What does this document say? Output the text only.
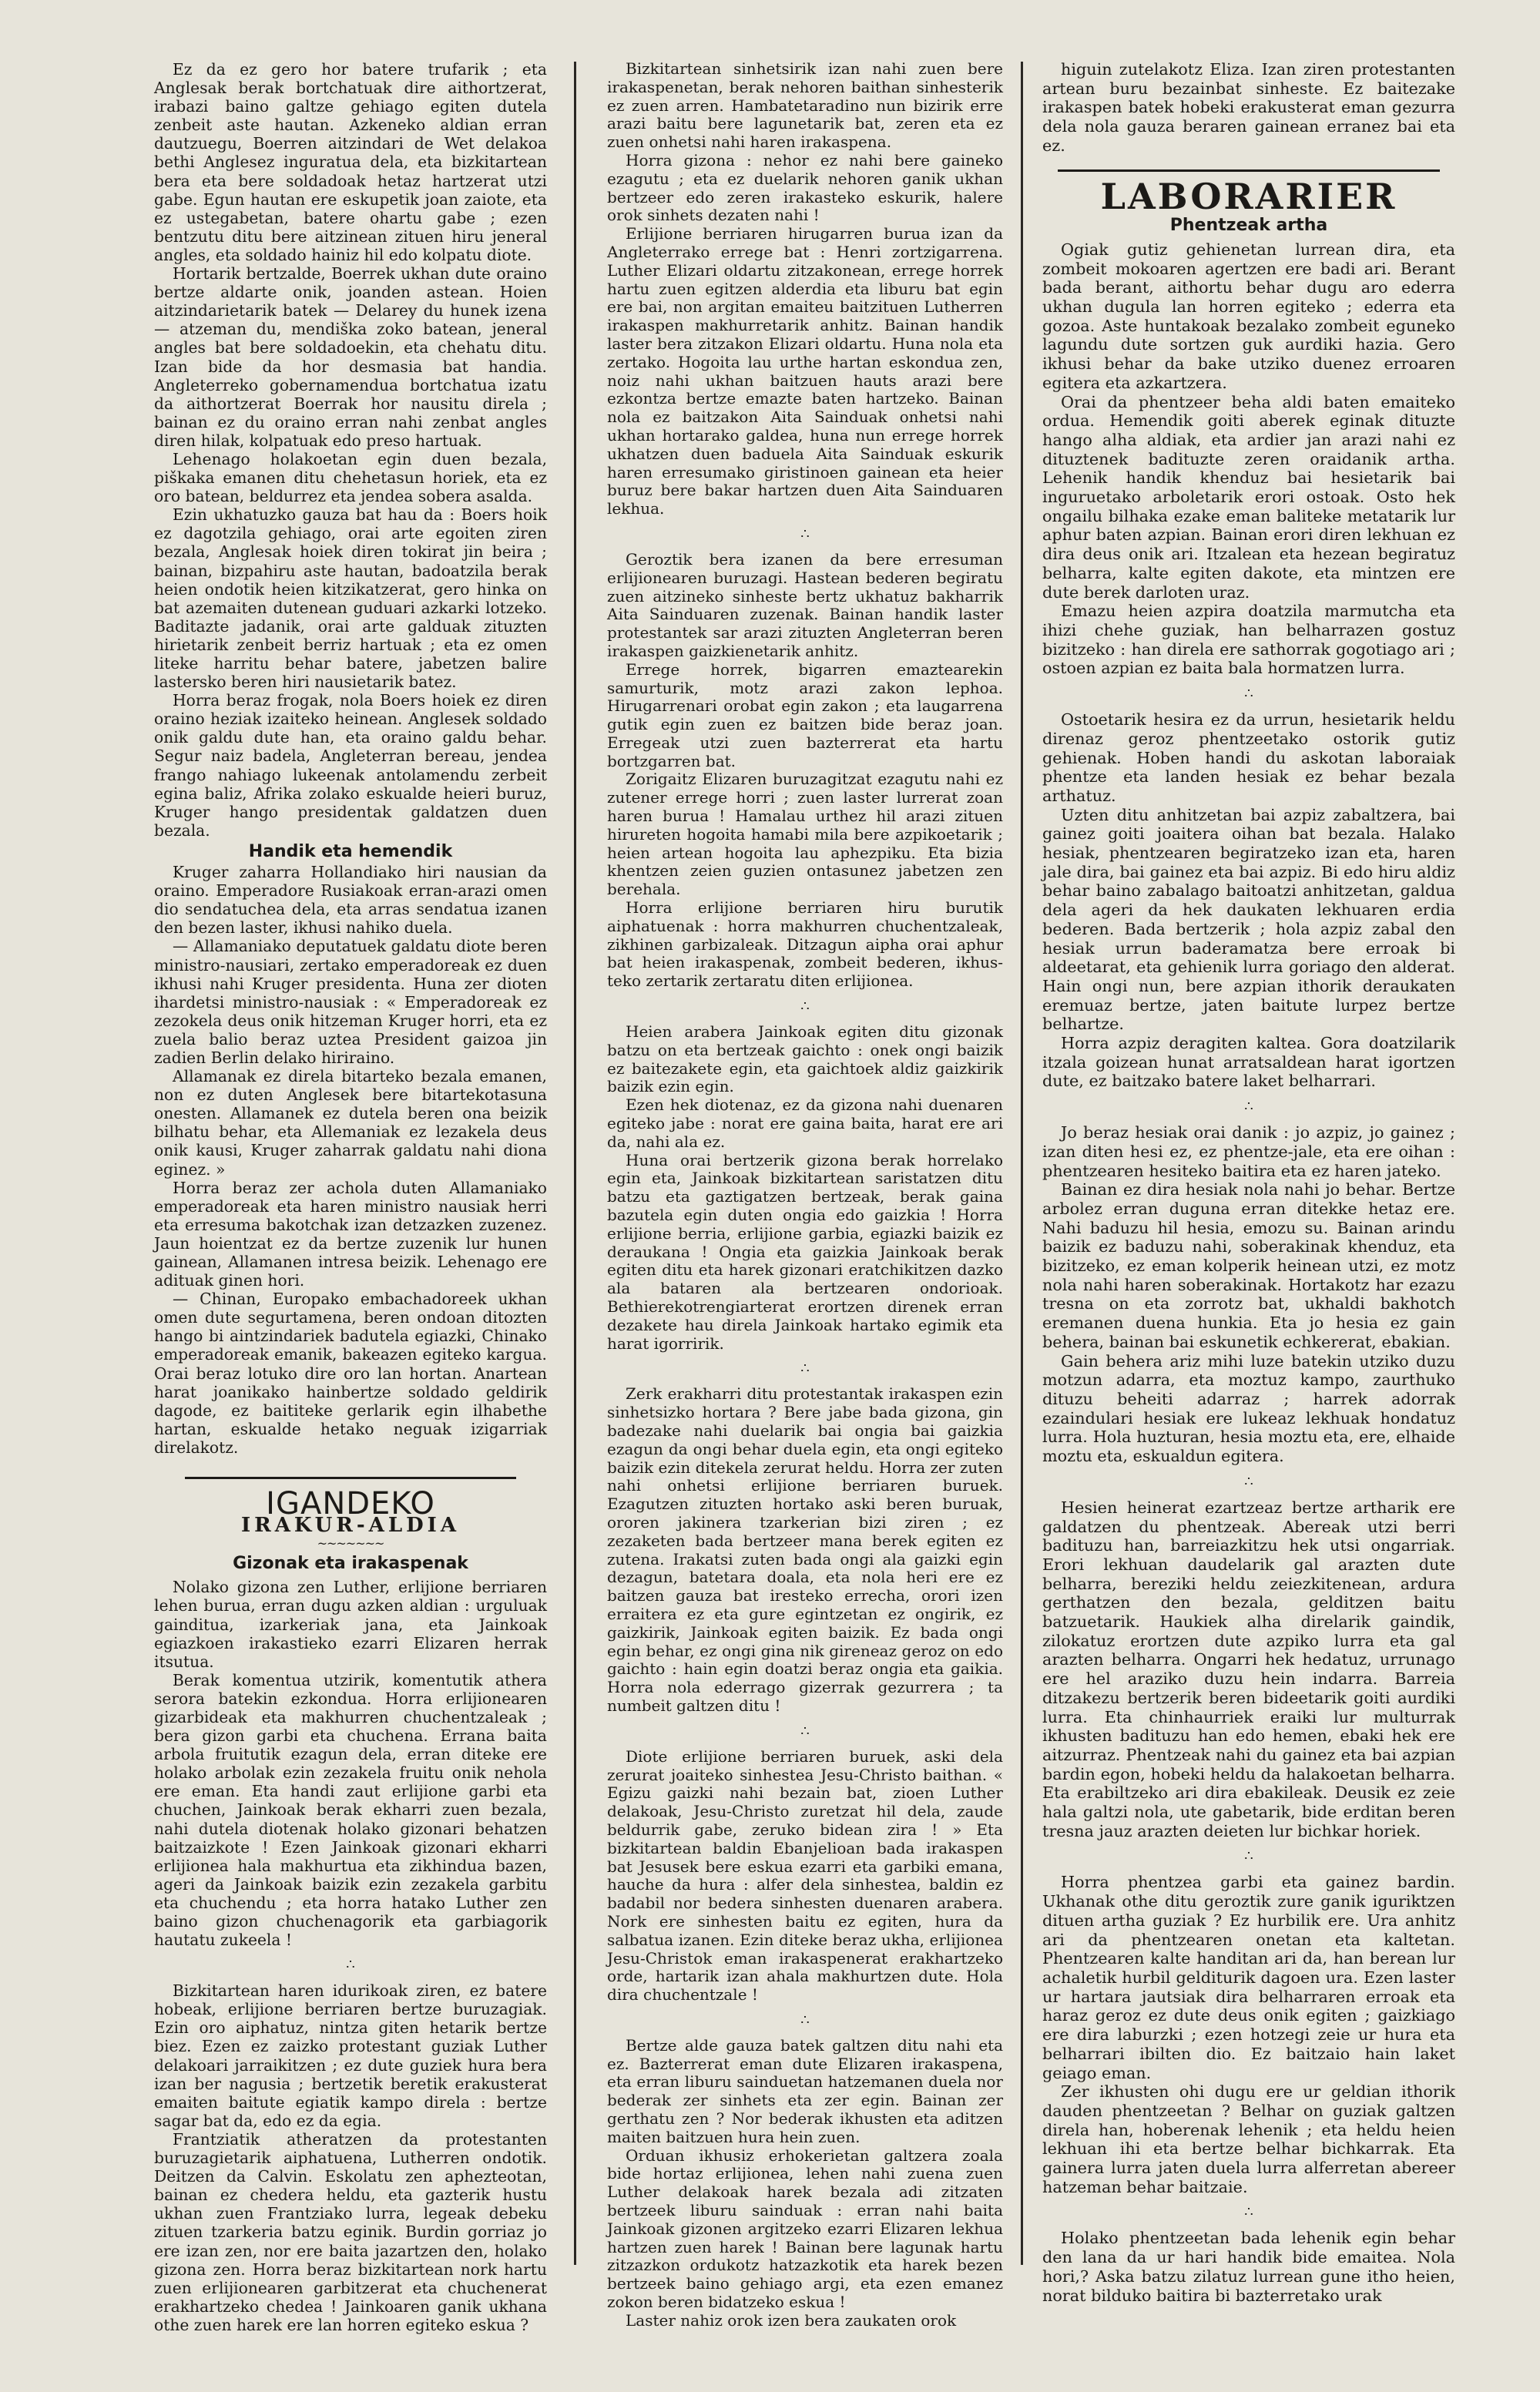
Ez da ez gero hor batere trufarik ; eta Anglesak berak bortchatuak dire aithortzerat, irabazi baino galtze gehiago egiten dutela zenbeit aste hautan. Azkeneko aldian erran dautzuegu, Boerren aitzindari de Wet delakoa bethi Anglesez inguratua dela, eta bizkitartean bera eta bere soldadoak hetaz hartzerat utzi gabe. Egun hautan ere eskupetik joan zaiote, eta ez ustegabetan, batere ohartu gabe ; ezen bentzutu ditu bere aitzinean zituen hiru jeneral angles, eta soldado hainiz hil edo kolpatu diote.

Hortarik bertzalde, Boerrek ukhan dute oraino bertze aldarte onik, joanden astean. Hoien aitzindarietarik batek — Delarey du hunek izena — atzeman du, mendiška zoko batean, jeneral angles bat bere soldadoekin, eta chehatu ditu. Izan bide da hor desmasia bat handia. Angleterreko gobernamendua bortchatua izatu da aithortzerat Boerrak hor nausitu direla ; bainan ez du oraino erran nahi zenbat angles diren hilak, kolpatuak edo preso hartuak.

Lehenago holakoetan egin duen bezala, piškaka emanen ditu chehetasun horiek, eta ez oro batean, beldurrez eta jendea sobera asalda.

Ezin ukhatuzko gauza bat hau da : Boers hoik ez dagotzila gehiago, orai arte egoiten ziren bezala, Anglesak hoiek diren tokirat jin beira ; bainan, bizpahiru aste hautan, badoatzila berak heien ondotik heien kitzikatzerat, gero hinka on bat azemaiten dutenean guduari azkarki lotzeko. Baditazte jadanik, orai arte galduak zituzten hirietarik zenbeit berriz hartuak ; eta ez omen liteke harritu behar batere, jabetzen balire lastersko beren hiri nausietarik batez.

Horra beraz frogak, nola Boers hoiek ez diren oraino heziak izaiteko heinean. Anglesek soldado onik galdu dute han, eta oraino galdu behar. Segur naiz badela, Angleterran bereau, jendea frango nahiago lukeenak antolamendu zerbeit egina baliz, Afrika zolako eskualde heieri buruz, Kruger hango presidentak galdatzen duen bezala.

Handik eta hemendik

Kruger zaharra Hollandiako hiri nausian da oraino. Emperadore Rusiakoak erran-arazi omen dio sendatuchea dela, eta arras sendatua izanen den bezen laster, ikhusi nahiko duela.

— Allamaniako deputatuek galdatu diote beren ministro-nausiari, zertako emperadoreak ez duen ikhusi nahi Kruger presidenta. Huna zer dioten ihardetsi ministro-nausiak : « Emperadoreak ez zezokela deus onik hitzeman Kruger horri, eta ez zuela balio beraz uztea President gaizoa jin zadien Berlin delako hiriraino.

Allamanak ez direla bitarteko bezala emanen, non ez duten Anglesek bere bitartekotasuna onesten. Allamanek ez dutela beren ona beizik bilhatu behar, eta Allemaniak ez lezakela deus onik kausi, Kruger zaharrak galdatu nahi diona eginez. »

Horra beraz zer achola duten Allamaniako emperadoreak eta haren ministro nausiak herri eta erresuma bakotchak izan detzazken zuzenez. Jaun hoientzat ez da bertze zuzenik lur hunen gainean, Allamanen intresa beizik. Lehenago ere adituak ginen hori.

— Chinan, Europako embachadoreek ukhan omen dute segurtamena, beren ondoan ditozten hango bi aintzindariek badutela egiazki, Chinako emperadoreak emanik, bakeazen egiteko kargua. Orai beraz lotuko dire oro lan hortan. Anartean harat joanikako hainbertze soldado geldirik dagode, ez baititeke gerlarik egin ilhabethe hartan, eskualde hetako neguak izigarriak direlakotz.

IGANDEKO
IRAKUR-ALDIA
~~~~~~~
Gizonak eta irakaspenak

Nolako gizona zen Luther, erlijione berriaren lehen burua, erran dugu azken aldian : urguluak gainditua, izarkeriak jana, eta Jainkoak egiazkoen irakastieko ezarri Elizaren herrak itsutua.

Berak komentua utzirik, komentutik athera serora batekin ezkondua. Horra erlijionearen gizarbideak eta makhurren chuchentzaleak ; bera gizon garbi eta chuchena. Errana baita arbola fruitutik ezagun dela, erran diteke ere holako arbolak ezin zezakela fruitu onik nehola ere eman. Eta handi zaut erlijione garbi eta chuchen, Jainkoak berak ekharri zuen bezala, nahi dutela diotenak holako gizonari behatzen baitzaizkote ! Ezen Jainkoak gizonari ekharri erlijionea hala makhurtua eta zikhindua bazen, ageri da Jainkoak baizik ezin zezakela garbitu eta chuchendu ; eta horra hatako Luther zen baino gizon chuchenagorik eta garbiagorik hautatu zukeela !

∴

Bizkitartean haren idurikoak ziren, ez batere hobeak, erlijione berriaren bertze buruzagiak. Ezin oro aiphatuz, nintza giten hetarik bertze biez. Ezen ez zaizko protestant guziak Luther delakoari jarraikitzen ; ez dute guziek hura bera izan ber nagusia ; bertzetik beretik erakusterat emaiten baitute egiatik kampo direla : bertze sagar bat da, edo ez da egia.

Frantziatik atheratzen da protestanten buruzagietarik aiphatuena, Lutherren ondotik. Deitzen da Calvin. Eskolatu zen aphezteotan, bainan ez chedera heldu, eta gazterik hustu ukhan zuen Frantziako lurra, legeak debeku zituen tzarkeria batzu eginik. Burdin gorriaz jo ere izan zen, nor ere baita jazartzen den, holako gizona zen. Horra beraz bizkitartean nork hartu zuen erlijionearen garbitzerat eta chuchenerat erakhartzeko chedea ! Jainkoaren ganik ukhana othe zuen harek ere lan horren egiteko eskua ?

Bizkitartean sinhetsirik izan nahi zuen bere irakaspenetan, berak nehoren baithan sinhesterik ez zuen arren. Hambatetaradino nun bizirik erre arazi baitu bere lagunetarik bat, zeren eta ez zuen onhetsi nahi haren irakaspena.

Horra gizona : nehor ez nahi bere gaineko ezagutu ; eta ez duelarik nehoren ganik ukhan bertzeer edo zeren irakasteko eskurik, halere orok sinhets dezaten nahi !

Erlijione berriaren hirugarren burua izan da Angleterrako errege bat : Henri zortzigarrena. Luther Elizari oldartu zitzakonean, errege horrek hartu zuen egitzen alderdia eta liburu bat egin ere bai, non argitan emaiteu baitzituen Lutherren irakaspen makhurretarik anhitz. Bainan handik laster bera zitzakon Elizari oldartu. Huna nola eta zertako. Hogoita lau urthe hartan eskondua zen, noiz nahi ukhan baitzuen hauts arazi bere ezkontza bertze emazte baten hartzeko. Bainan nola ez baitzakon Aita Sainduak onhetsi nahi ukhan hortarako galdea, huna nun errege horrek ukhatzen duen baduela Aita Sainduak eskurik haren erresumako giristinoen gainean eta heier buruz bere bakar hartzen duen Aita Sainduaren lekhua.

∴

Geroztik bera izanen da bere erresuman erlijionearen buruzagi. Hastean bederen begiratu zuen aitzineko sinheste bertz ukhatuz bakharrik Aita Sainduaren zuzenak. Bainan handik laster protestantek sar arazi zituzten Angleterran beren irakaspen gaizkienetarik anhitz.

Errege horrek, bigarren emaztearekin samurturik, motz arazi zakon lephoa. Hirugarrenari orobat egin zakon ; eta laugarrena gutik egin zuen ez baitzen bide beraz joan. Erregeak utzi zuen bazterrerat eta hartu bortzgarren bat.

Zorigaitz Elizaren buruzagitzat ezagutu nahi ez zutener errege horri ; zuen laster lurrerat zoan haren burua ! Hamalau urthez hil arazi zituen hirureten hogoita hamabi mila bere azpikoetarik ; heien artean hogoita lau aphezpiku. Eta bizia khentzen zeien guzien ontasunez jabetzen zen berehala.

Horra erlijione berriaren hiru burutik aiphatuenak : horra makhurren chuchentzaleak, zikhinen garbizaleak. Ditzagun aipha orai aphur bat heien irakaspenak, zombeit bederen, ikhus-teko zertarik zertaratu diten erlijionea.

∴

Heien arabera Jainkoak egiten ditu gizonak batzu on eta bertzeak gaichto : onek ongi baizik ez baitezakete egin, eta gaichtoek aldiz gaizkirik baizik ezin egin.

Ezen hek diotenaz, ez da gizona nahi duenaren egiteko jabe : norat ere gaina baita, harat ere ari da, nahi ala ez.

Huna orai bertzerik gizona berak horrelako egin eta, Jainkoak bizkitartean saristatzen ditu batzu eta gaztigatzen bertzeak, berak gaina bazutela egin duten ongia edo gaizkia ! Horra erlijione berria, erlijione garbia, egiazki baizik ez deraukana ! Ongia eta gaizkia Jainkoak berak egiten ditu eta harek gizonari eratchikitzen dazko ala bataren ala bertzearen ondorioak. Bethierekotrengiarterat erortzen direnek erran dezakete hau direla Jainkoak hartako egimik eta harat igorririk.

∴

Zerk erakharri ditu protestantak irakaspen ezin sinhetsizko hortara ? Bere jabe bada gizona, gin badezake nahi duelarik bai ongia bai gaizkia ezagun da ongi behar duela egin, eta ongi egiteko baizik ezin ditekela zerurat heldu. Horra zer zuten nahi onhetsi erlijione berriaren buruek. Ezagutzen zituzten hortako aski beren buruak, ororen jakinera tzarkerian bizi ziren ; ez zezaketen bada bertzeer mana berek egiten ez zutena. Irakatsi zuten bada ongi ala gaizki egin dezagun, batetara doala, eta nola heri ere ez baitzen gauza bat iresteko errecha, orori izen erraitera ez eta gure egintzetan ez ongirik, ez gaizkirik, Jainkoak egiten baizik. Ez bada ongi egin behar, ez ongi gina nik gireneaz geroz on edo gaichto : hain egin doatzi beraz ongia eta gaikia. Horra nola ederrago gizerrak gezurrera ; ta numbeit galtzen ditu !

∴

Diote erlijione berriaren buruek, aski dela zerurat joaiteko sinhestea Jesu-Christo baithan. « Egizu gaizki nahi bezain bat, zioen Luther delakoak, Jesu-Christo zuretzat hil dela, zaude beldurrik gabe, zeruko bidean zira ! » Eta bizkitartean baldin Ebanjelioan bada irakaspen bat Jesusek bere eskua ezarri eta garbiki emana, hauche da hura : alfer dela sinhestea, baldin ez badabil nor bedera sinhesten duenaren arabera. Nork ere sinhesten baitu ez egiten, hura da salbatua izanen. Ezin diteke beraz ukha, erlijionea Jesu-Christok eman irakaspenerat erakhartzeko orde, hartarik izan ahala makhurtzen dute. Hola dira chuchentzale !

∴

Bertze alde gauza batek galtzen ditu nahi eta ez. Bazterrerat eman dute Elizaren irakaspena, eta erran liburu sainduetan hatzemanen duela nor bederak zer sinhets eta zer egin. Bainan zer gerthatu zen ? Nor bederak ikhusten eta aditzen maiten baitzuen hura hein zuen.

Orduan ikhusiz erhokerietan galtzera zoala bide hortaz erlijionea, lehen nahi zuena zuen Luther delakoak harek bezala adi zitzaten bertzeek liburu sainduak : erran nahi baita Jainkoak gizonen argitzeko ezarri Elizaren lekhua hartzen zuen harek ! Bainan bere lagunak hartu zitzazkon ordukotz hatzazkotik eta harek bezen bertzeek baino gehiago argi, eta ezen emanez zokon beren bidatzeko eskua !

Laster nahiz orok izen bera zaukaten orok

higuin zutelakotz Eliza. Izan ziren protestanten artean buru bezainbat sinheste. Ez baitezake irakaspen batek hobeki erakusterat eman gezurra dela nola gauza beraren gainean erranez bai eta ez.

LABORARIER
Phentzeak artha

Ogiak gutiz gehienetan lurrean dira, eta zombeit mokoaren agertzen ere badi ari. Berant bada berant, aithortu behar dugu aro ederra ukhan dugula lan horren egiteko ; ederra eta gozoa. Aste huntakoak bezalako zombeit eguneko lagundu dute sortzen guk aurdiki hazia. Gero ikhusi behar da bake utziko duenez erroaren egitera eta azkartzera.

Orai da phentzeer beha aldi baten emaiteko ordua. Hemendik goiti aberek eginak dituzte hango alha aldiak, eta ardier jan arazi nahi ez dituztenek badituzte zeren oraidanik artha. Lehenik handik khenduz bai hesietarik bai inguruetako arboletarik erori ostoak. Osto hek ongailu bilhaka ezake eman baliteke metatarik lur aphur baten azpian. Bainan erori diren lekhuan ez dira deus onik ari. Itzalean eta hezean begiratuz belharra, kalte egiten dakote, eta mintzen ere dute berek darloten uraz.

Emazu heien azpira doatzila marmutcha eta ihizi chehe guziak, han belharrazen gostuz bizitzeko : han direla ere sathorrak gogotiago ari ; ostoen azpian ez baita bala hormatzen lurra.

∴

Ostoetarik hesira ez da urrun, hesietarik heldu direnaz geroz phentzeetako ostorik gutiz gehienak. Hoben handi du askotan laboraiak phentze eta landen hesiak ez behar bezala arthatuz.

Uzten ditu anhitzetan bai azpiz zabaltzera, bai gainez goiti joaitera oihan bat bezala. Halako hesiak, phentzearen begiratzeko izan eta, haren jale dira, bai gainez eta bai azpiz. Bi edo hiru aldiz behar baino zabalago baitoatzi anhitzetan, galdua dela ageri da hek daukaten lekhuaren erdia bederen. Bada bertzerik ; hola azpiz zabal den hesiak urrun baderamatza bere erroak bi aldeetarat, eta gehienik lurra goriago den alderat. Hain ongi nun, bere azpian ithorik deraukaten eremuaz bertze, jaten baitute lurpez bertze belhartze.

Horra azpiz deragiten kaltea. Gora doatzilarik itzala goizean hunat arratsaldean harat igortzen dute, ez baitzako batere laket belharrari.

∴

Jo beraz hesiak orai danik : jo azpiz, jo gainez ; izan diten hesi ez, ez phentze-jale, eta ere oihan : phentzearen hesiteko baitira eta ez haren jateko.

Bainan ez dira hesiak nola nahi jo behar. Bertze arbolez erran duguna erran ditekke hetaz ere. Nahi baduzu hil hesia, emozu su. Bainan arindu baizik ez baduzu nahi, soberakinak khenduz, eta bizitzeko, ez eman kolperik heinean utzi, ez motz nola nahi haren soberakinak. Hortakotz har ezazu tresna on eta zorrotz bat, ukhaldi bakhotch eremanen duena hunkia. Eta jo hesia ez gain behera, bainan bai eskunetik echkererat, ebakian.

Gain behera ariz mihi luze batekin utziko duzu motzun adarra, eta moztuz kampo, zaurthuko dituzu beheiti adarraz ; harrek adorrak ezaindulari hesiak ere lukeaz lekhuak hondatuz lurra. Hola huzturan, hesia moztu eta, ere, elhaide moztu eta, eskualdun egitera.

∴

Hesien heinerat ezartzeaz bertze artharik ere galdatzen du phentzeak. Abereak utzi berri badituzu han, barreiazkitzu hek utsi ongarriak. Erori lekhuan daudelarik gal arazten dute belharra, bereziki heldu zeiezkitenean, ardura gerthatzen den bezala, gelditzen baitu batzuetarik. Haukiek alha direlarik gaindik, zilokatuz erortzen dute azpiko lurra eta gal arazten belharra. Ongarri hek hedatuz, urrunago ere hel araziko duzu hein indarra. Barreia ditzakezu bertzerik beren bideetarik goiti aurdiki lurra. Eta chinhaurriek eraiki lur multurrak ikhusten badituzu han edo hemen, ebaki hek ere aitzurraz. Phentzeak nahi du gainez eta bai azpian bardin egon, hobeki heldu da halakoetan belharra. Eta erabiltzeko ari dira ebakileak. Deusik ez zeie hala galtzi nola, ute gabetarik, bide erditan beren tresna jauz arazten deieten lur bichkar horiek.

∴

Horra phentzea garbi eta gainez bardin. Ukhanak othe ditu geroztik zure ganik iguriktzen dituen artha guziak ? Ez hurbilik ere. Ura anhitz ari da phentzearen onetan eta kaltetan. Phentzearen kalte handitan ari da, han berean lur achaletik hurbil gelditurik dagoen ura. Ezen laster ur hartara jautsiak dira belharraren erroak eta haraz geroz ez dute deus onik egiten ; gaizkiago ere dira laburzki ; ezen hotzegi zeie ur hura eta belharrari ibilten dio. Ez baitzaio hain laket geiago eman.

Zer ikhusten ohi dugu ere ur geldian ithorik dauden phentzeetan ? Belhar on guziak galtzen direla han, hoberenak lehenik ; eta heldu heien lekhuan ihi eta bertze belhar bichkarrak. Eta gainera lurra jaten duela lurra alferretan abereer hatzeman behar baitzaie.

∴

Holako phentzeetan bada lehenik egin behar den lana da ur hari handik bide emaitea. Nola hori,? Aska batzu zilatuz lurrean gune itho heien, norat bilduko baitira bi bazterretako urak
